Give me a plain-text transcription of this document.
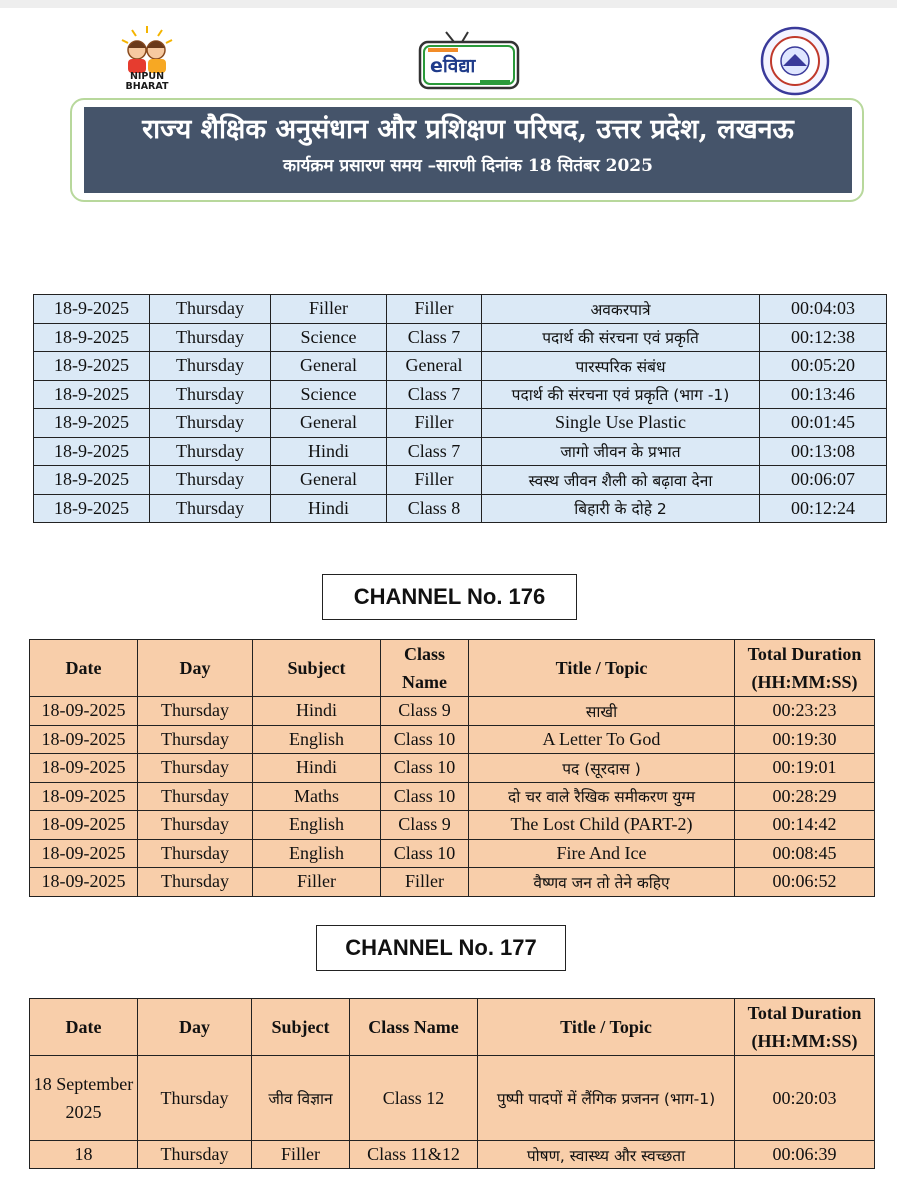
NIPUN
BHARAT
eविद्या
राज्य शैक्षिक अनुसंधान और प्रशिक्षण परिषद, उत्तर प्रदेश, लखनऊ
कार्यक्रम प्रसारण समय –सारणी दिनांक 18 सितंबर 2025
18-9-2025	Thursday	Filler	Filler	अवकरपात्रे	00:04:03
18-9-2025	Thursday	Science	Class 7	पदार्थ की संरचना एवं प्रकृति	00:12:38
18-9-2025	Thursday	General	General	पारस्परिक संबंध	00:05:20
18-9-2025	Thursday	Science	Class 7	पदार्थ की संरचना एवं प्रकृति (भाग -1)	00:13:46
18-9-2025	Thursday	General	Filler	Single Use Plastic	00:01:45
18-9-2025	Thursday	Hindi	Class 7	जागो जीवन के प्रभात	00:13:08
18-9-2025	Thursday	General	Filler	स्वस्थ जीवन शैली को बढ़ावा देना	00:06:07
18-9-2025	Thursday	Hindi	Class 8	बिहारी के दोहे 2	00:12:24
CHANNEL No. 176
Date	Day	Subject	Class Name	Title / Topic	Total Duration (HH:MM:SS)
18-09-2025	Thursday	Hindi	Class 9	साखी	00:23:23
18-09-2025	Thursday	English	Class 10	A Letter To God	00:19:30
18-09-2025	Thursday	Hindi	Class 10	पद (सूरदास )	00:19:01
18-09-2025	Thursday	Maths	Class 10	दो चर वाले रैखिक समीकरण युग्म	00:28:29
18-09-2025	Thursday	English	Class 9	The Lost Child (PART-2)	00:14:42
18-09-2025	Thursday	English	Class 10	Fire And Ice	00:08:45
18-09-2025	Thursday	Filler	Filler	वैष्णव जन तो तेने कहिए	00:06:52
CHANNEL No. 177
Date	Day	Subject	Class Name	Title / Topic	Total Duration (HH:MM:SS)
18 September 2025	Thursday	जीव विज्ञान	Class 12	पुष्पी पादपों में लैंगिक प्रजनन (भाग-1)	00:20:03
18	Thursday	Filler	Class 11&12	पोषण, स्वास्थ्य और स्वच्छता	00:06:39
